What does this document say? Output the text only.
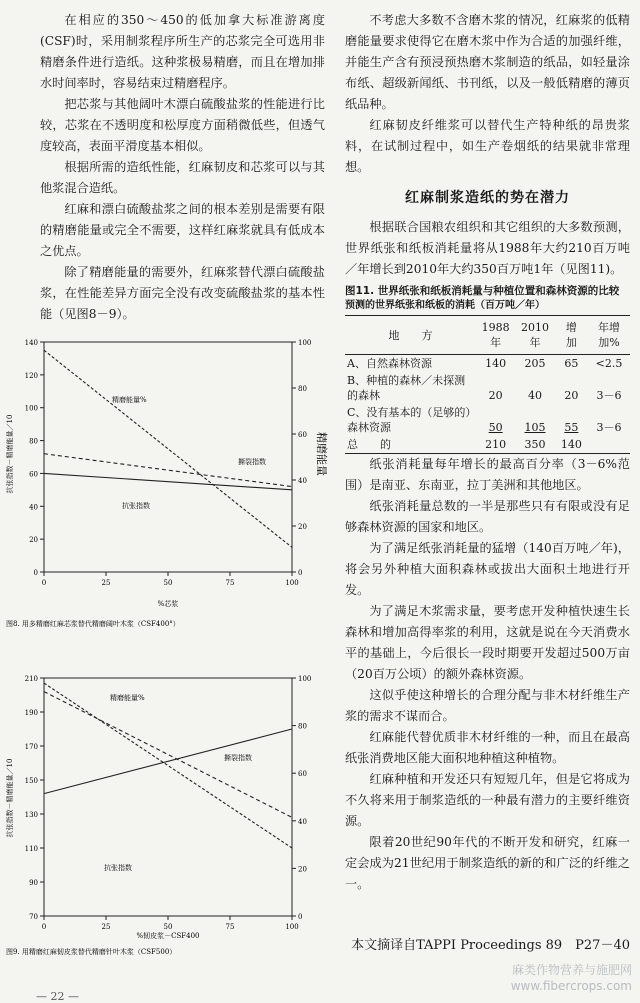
在相应的350～450的低加拿大标准游离度(CSF)时，采用制浆程序所生产的芯浆完全可选用非精磨条件进行造纸。这种浆极易精磨，而且在增加排水时间率时，容易结束过精磨程序。

把芯浆与其他阔叶木漂白硫酸盐浆的性能进行比较，芯浆在不透明度和松厚度方面稍微低些，但透气度较高，表面平滑度基本相似。

根据所需的造纸性能，红麻韧皮和芯浆可以与其他浆混合造纸。

红麻和漂白硫酸盐浆之间的根本差别是需要有限的精磨能量或完全不需要，这样红麻浆就具有低成本之优点。

除了精磨能量的需要外，红麻浆替代漂白硫酸盐浆，在性能差异方面完全没有改变硫酸盐浆的基本性能（见图8－9）。

抗张指数－精磨能量／10	精磨能量
%芯浆
0
20
40
60
80
100
120
140
0
20
40
60
80
100
0	25	50	75	100
精磨能量%
撕裂指数
抗张指数
图8. 用多精磨红麻芯浆替代精磨阔叶木浆（CSF400°）
抗张指数－精磨能量／10
%韧皮浆－CSF400
70
90
110
130
150
170
190
210
0
20
40
60
80
100
0	25	50	75	100
精磨能量%
撕裂指数
抗张指数
图9. 用精磨红麻韧皮浆替代精磨针叶木浆（CSF500）

不考虑大多数不含磨木浆的情况，红麻浆的低精磨能量要求使得它在磨木浆中作为合适的加强纤维，并能生产含有预浸预热磨木浆制造的纸品，如轻量涂布纸、超级新闻纸、书刊纸，以及一般低精磨的薄页纸品种。

红麻韧皮纤维浆可以替代生产特种纸的昂贵浆料，在试制过程中，如生产卷烟纸的结果就非常理想。

红麻制浆造纸的势在潜力

根据联合国粮农组织和其它组织的大多数预测，世界纸张和纸板消耗量将从1988年大约210百万吨／年增长到2010年大约350百万吨1年（见图11)。

图11. 世界纸张和纸板消耗量与种植位置和森林资源的比较
预测的世界纸张和纸板的消耗（百万吨／年）
地　　方	1988年	2010年	增　加	年增加%
A、自然森林资源	140	205	65	<2.5
B、种植的森林／未探测的森林	20	40	20	3－6
C、没有基本的（足够的）森林资源	50	105	55	3－6
总　　的	210	350	140	

纸张消耗量每年增长的最高百分率（3－6%范围）是南亚、东南亚，拉丁美洲和其他地区。

纸张消耗量总数的一半是那些只有有限或没有足够森林资源的国家和地区。

为了满足纸张消耗量的猛增（140百万吨／年)，将会另外种植大面积森林或拔出大面积土地进行开发。

为了满足木浆需求量，要考虑开发种植快速生长森林和增加高得率浆的利用，这就是说在今天消费水平的基础上，今后很长一段时期要开发超过500万亩（20百万公顷）的额外森林资源。

这似乎使这种增长的合理分配与非木材纤维生产浆的需求不谋而合。

红麻能代替优质非木材纤维的一种，而且在最高纸张消费地区能大面积地种植这种植物。

红麻种植和开发还只有短短几年，但是它将成为不久将来用于制浆造纸的一种最有潜力的主要纤维资源。

限着20世纪90年代的不断开发和研究，红麻一定会成为21世纪用于制浆造纸的新的和广泛的纤维之一。

本文摘译自TAPPI Proceedings 89　P27－40
麻类作物营养与施肥网
www.fibercrops.com
— 22 —
